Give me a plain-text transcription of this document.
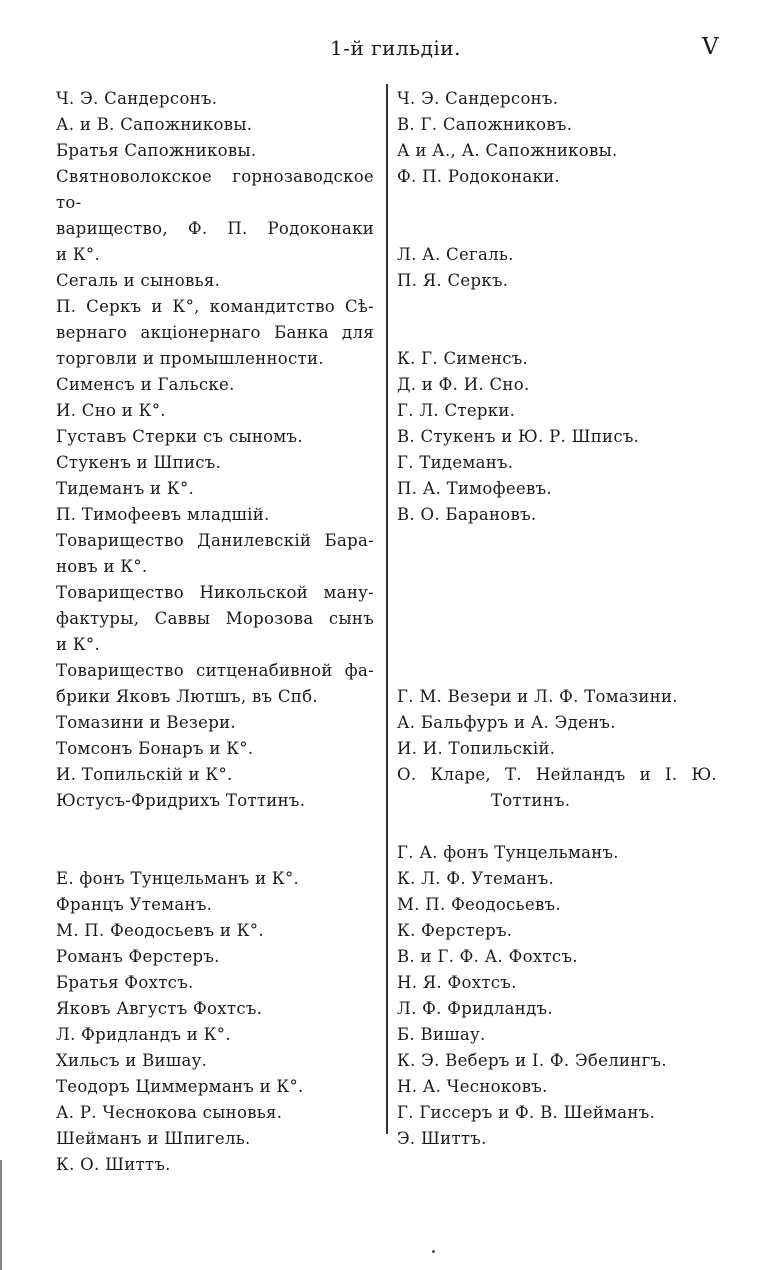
1-й гильдіи.	V
Ч. Э. Сандерсонъ.
А. и В. Сапожниковы.
Братья Сапожниковы.
Святноволокское горнозаводское то-
варищество, Ф. П. Родоконаки
и К°.
Сегаль и сыновья.
П. Серкъ и К°, командитство Сѣ-
вернаго акціонернаго Банка для
торговли и промышленности.
Сименсъ и Гальске.
И. Сно и К°.
Густавъ Стерки съ сыномъ.
Стукенъ и Шписъ.
Тидеманъ и К°.
П. Тимофеевъ младшій.
Товарищество Данилевскій Бара-
новъ и К°.
Товарищество Никольской ману-
фактуры, Саввы Морозова сынъ
и К°.
Товарищество ситценабивной фа-
брики Яковъ Лютшъ, въ Спб.
Томазини и Везери.
Томсонъ Бонаръ и К°.
И. Топильскій и К°.
Юстусъ-Фридрихъ Тоттинъ.

Е. фонъ Тунцельманъ и К°.
Францъ Утеманъ.
М. П. Феодосьевъ и К°.
Романъ Ферстеръ.
Братья Фохтсъ.
Яковъ Августъ Фохтсъ.
Л. Фридландъ и К°.
Хильсъ и Вишау.
Теодоръ Циммерманъ и К°.
А. Р. Чеснокова сыновья.
Шейманъ и Шпигель.
К. О. Шиттъ.
Ч. Э. Сандерсонъ.
В. Г. Сапожниковъ.
А и А., А. Сапожниковы.
Ф. П. Родоконаки.

Л. А. Сегаль.
П. Я. Серкъ.

К. Г. Сименсъ.
Д. и Ф. И. Сно.
Г. Л. Стерки.
В. Стукенъ и Ю. Р. Шписъ.
Г. Тидеманъ.
П. А. Тимофеевъ.
В. О. Барановъ.

Г. М. Везери и Л. Ф. Томазини.
А. Бальфуръ и А. Эденъ.
И. И. Топильскій.
О. Кларе, Т. Нейландъ и І. Ю.
Тоттинъ.
Г. А. фонъ Тунцельманъ.
К. Л. Ф. Утеманъ.
М. П. Феодосьевъ.
К. Ферстеръ.
В. и Г. Ф. А. Фохтсъ.
Н. Я. Фохтсъ.
Л. Ф. Фридландъ.
Б. Вишау.
К. Э. Веберъ и І. Ф. Эбелингъ.
Н. А. Чесноковъ.
Г. Гиссеръ и Ф. В. Шейманъ.
Э. Шиттъ.
